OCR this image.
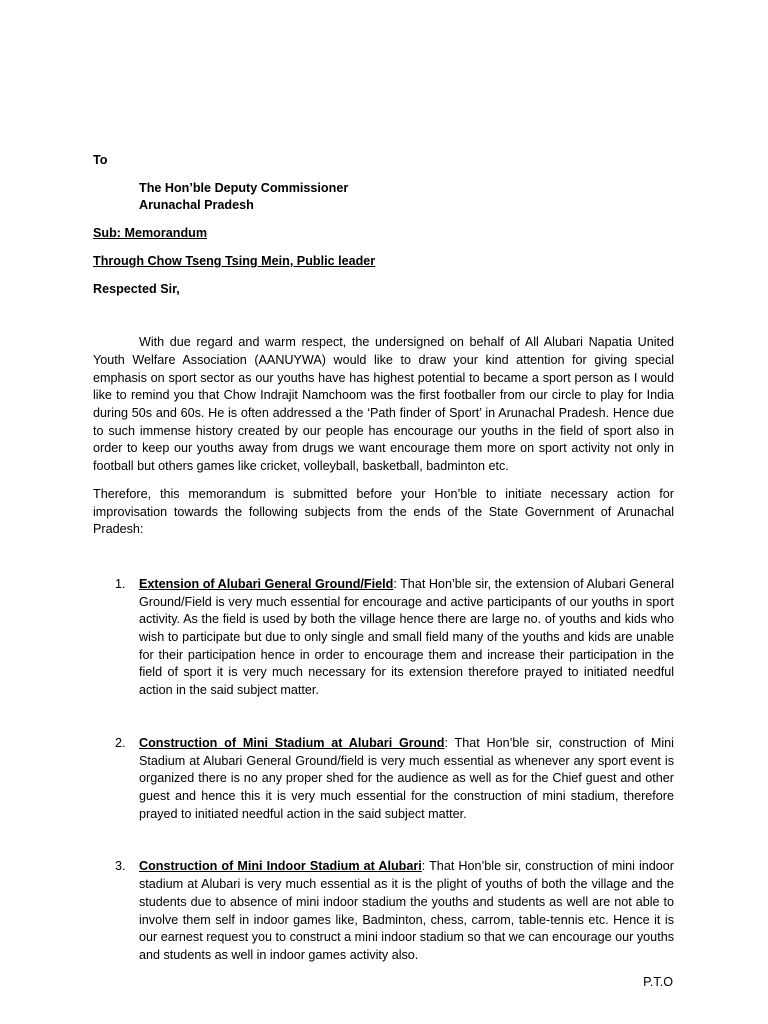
To

The Hon’ble Deputy Commissioner

Arunachal Pradesh

Sub: Memorandum

Through Chow Tseng Tsing Mein, Public leader

Respected Sir,

With due regard and warm respect, the undersigned on behalf of All Alubari Napatia United Youth Welfare Association (AANUYWA) would like to draw your kind attention for giving special emphasis on sport sector as our youths have has highest potential to became a sport person as I would like to remind you that Chow Indrajit Namchoom was the first footballer from our circle to play for India during 50s and 60s. He is often addressed a the ‘Path finder of Sport’ in Arunachal Pradesh. Hence due to such immense history created by our people has encourage our youths in the field of sport also in order to keep our youths away from drugs we want encourage them more on sport activity not only in football but others games like cricket, volleyball, basketball, badminton etc.

Therefore, this memorandum is submitted before your Hon’ble to initiate necessary action for improvisation towards the following subjects from the ends of the State Government of Arunachal Pradesh:

1. Extension of Alubari General Ground/Field: That Hon’ble sir, the extension of Alubari General Ground/Field is very much essential for encourage and active participants of our youths in sport activity. As the field is used by both the village hence there are large no. of youths and kids who wish to participate but due to only single and small field many of the youths and kids are unable for their participation hence in order to encourage them and increase their participation in the field of sport it is very much necessary for its extension therefore prayed to initiated needful action in the said subject matter.
2. Construction of Mini Stadium at Alubari Ground: That Hon’ble sir, construction of Mini Stadium at Alubari General Ground/field is very much essential as whenever any sport event is organized there is no any proper shed for the audience as well as for the Chief guest and other guest and hence this it is very much essential for the construction of mini stadium, therefore prayed to initiated needful action in the said subject matter.
3. Construction of Mini Indoor Stadium at Alubari: That Hon’ble sir, construction of mini indoor stadium at Alubari is very much essential as it is the plight of youths of both the village and the students due to absence of mini indoor stadium the youths and students as well are not able to involve them self in indoor games like, Badminton, chess, carrom, table-tennis etc. Hence it is our earnest request you to construct a mini indoor stadium so that we can encourage our youths and students as well in indoor games activity also.
P.T.O
